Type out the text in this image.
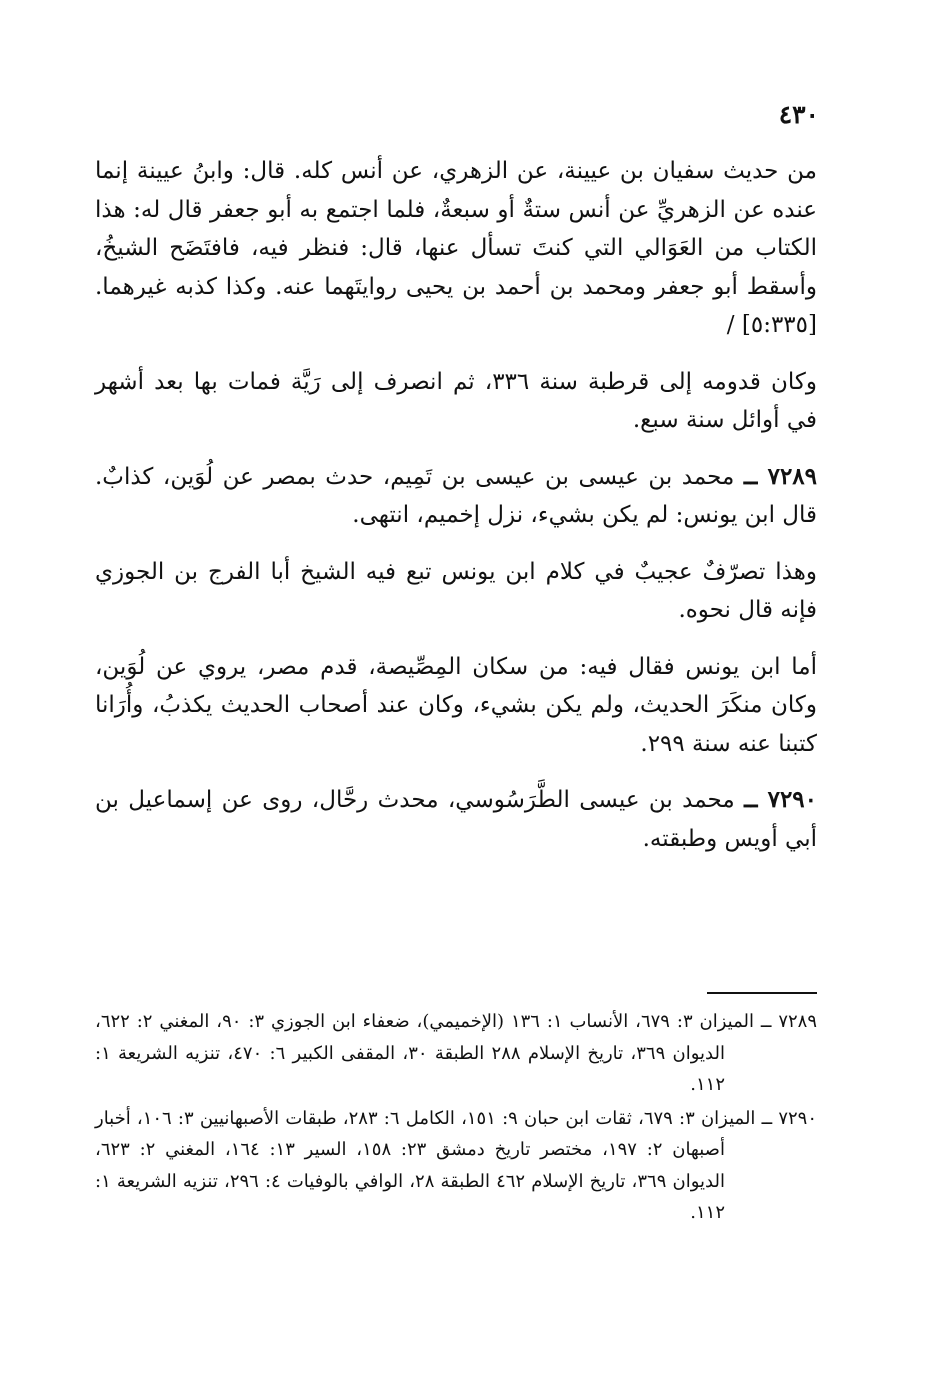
٤٣٠

من حديث سفيان بن عيينة، عن الزهري، عن أنس كله. قال: وابنُ عيينة إنما عنده عن الزهريِّ عن أنس ستةٌ أو سبعةٌ، فلما اجتمع به أبو جعفر قال له: هذا الكتاب من العَوَالي التي كنتَ تسأل عنها، قال: فنظر فيه، فافتَضَح الشيخُ، وأسقط أبو جعفر ومحمد بن أحمد بن يحيى روايتَهما عنه. وكذا كذبه غيرهما. [٥:٣٣٥] /

وكان قدومه إلى قرطبة سنة ٣٣٦، ثم انصرف إلى رَيَّة فمات بها بعد أشهر في أوائل سنة سبع.

٧٢٨٩ ــ محمد بن عيسى بن عيسى بن تَمِيم، حدث بمصر عن لُوَين، كذابٌ. قال ابن يونس: لم يكن بشيء، نزل إخميم، انتهى.

وهذا تصرّفٌ عجيبٌ في كلام ابن يونس تبع فيه الشيخ أبا الفرج بن الجوزي فإنه قال نحوه.

أما ابن يونس فقال فيه: من سكان المِصِّيصة، قدم مصر، يروي عن لُوَين، وكان منكَرَ الحديث، ولم يكن بشيء، وكان عند أصحاب الحديث يكذبُ، وأُرَانا كتبنا عنه سنة ٢٩٩.

٧٢٩٠ ــ محمد بن عيسى الطَّرَسُوسي، محدث رحَّال، روى عن إسماعيل بن أبي أويس وطبقته.

٧٢٨٩ ــ الميزان ٣: ٦٧٩، الأنساب ١: ١٣٦ (الإخميمي)، ضعفاء ابن الجوزي ٣: ٩٠، المغني ٢: ٦٢٢، الديوان ٣٦٩، تاريخ الإسلام ٢٨٨ الطبقة ٣٠، المقفى الكبير ٦: ٤٧٠، تنزيه الشريعة ١: ١١٢.

٧٢٩٠ ــ الميزان ٣: ٦٧٩، ثقات ابن حبان ٩: ١٥١، الكامل ٦: ٢٨٣، طبقات الأصبهانيين ٣: ١٠٦، أخبار أصبهان ٢: ١٩٧، مختصر تاريخ دمشق ٢٣: ١٥٨، السير ١٣: ١٦٤، المغني ٢: ٦٢٣، الديوان ٣٦٩، تاريخ الإسلام ٤٦٢ الطبقة ٢٨، الوافي بالوفيات ٤: ٢٩٦، تنزيه الشريعة ١: ١١٢.
